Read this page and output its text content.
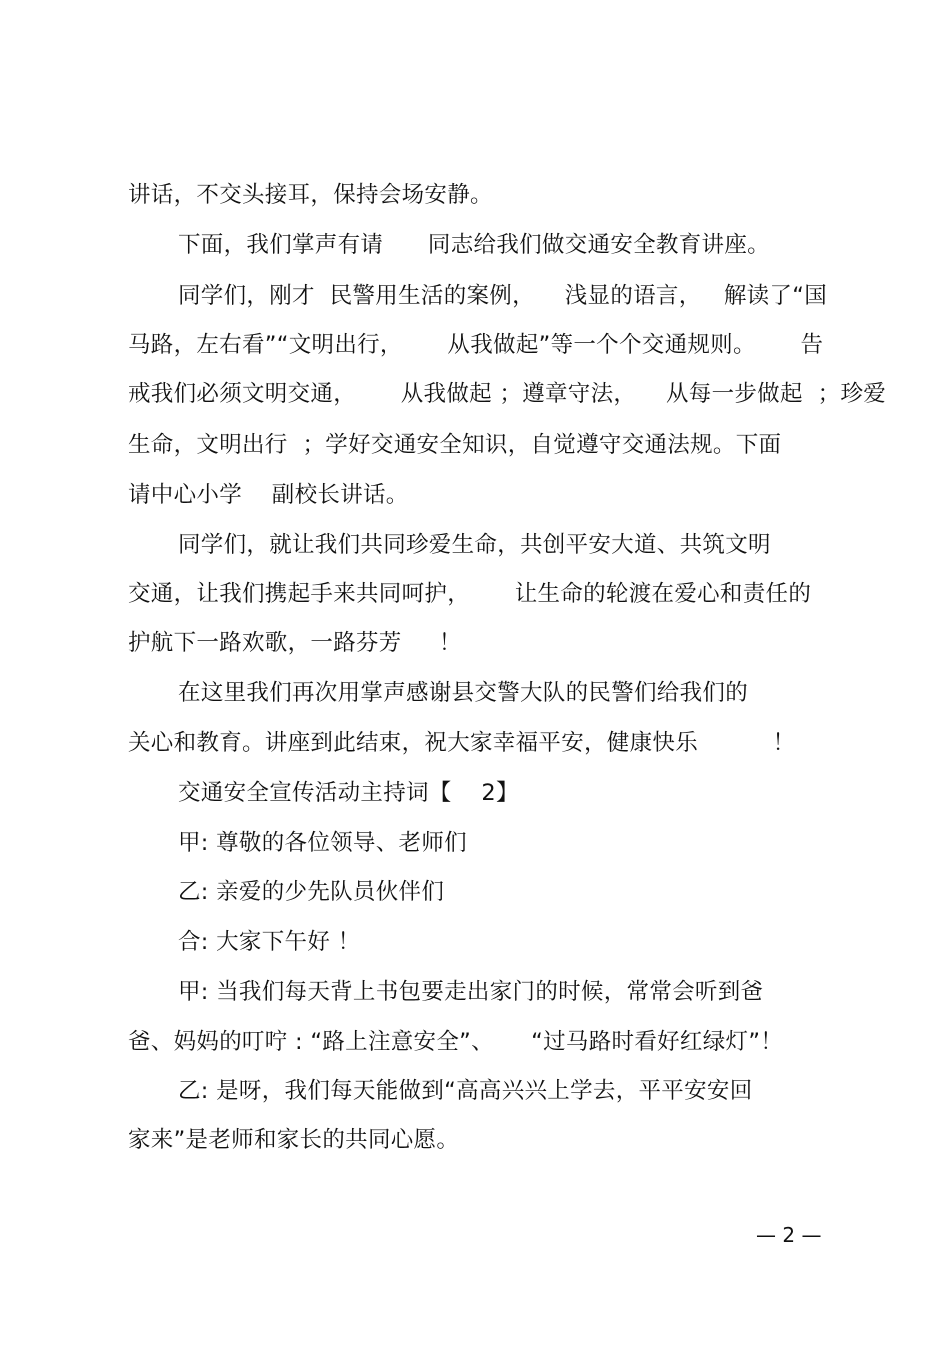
讲话，不交头接耳，保持会场安静。
下面，我们掌声有请      同志给我们做交通安全教育讲座。
同学们，刚才  民警用生活的案例，    浅显的语言，   解读了“国
马路，左右看”“文明出行，      从我做起”等一个个交通规则。      告
戒我们必须文明交通，      从我做起 ；遵章守法，    从每一步做起  ；珍爱
生命，文明出行  ；学好交通安全知识，自觉遵守交通法规。下面
请中心小学    副校长讲话。
同学们，就让我们共同珍爱生命，共创平安大道、共筑文明
交通，让我们携起手来共同呵护，      让生命的轮渡在爱心和责任的
护航下一路欢歌，一路芬芳     ！
在这里我们再次用掌声感谢县交警大队的民警们给我们的
关心和教育。讲座到此结束，祝大家幸福平安，健康快乐          ！
交通安全宣传活动主持词【    2】
甲: 尊敬的各位领导、老师们
乙: 亲爱的少先队员伙伴们
合: 大家下午好 ！
甲: 当我们每天背上书包要走出家门的时候，常常会听到爸
爸、妈妈的叮咛 : “路上注意安全”、     “过马路时看好红绿灯”！
乙: 是呀，我们每天能做到“高高兴兴上学去，平平安安回
家来”是老师和家长的共同心愿。
— 2 —
